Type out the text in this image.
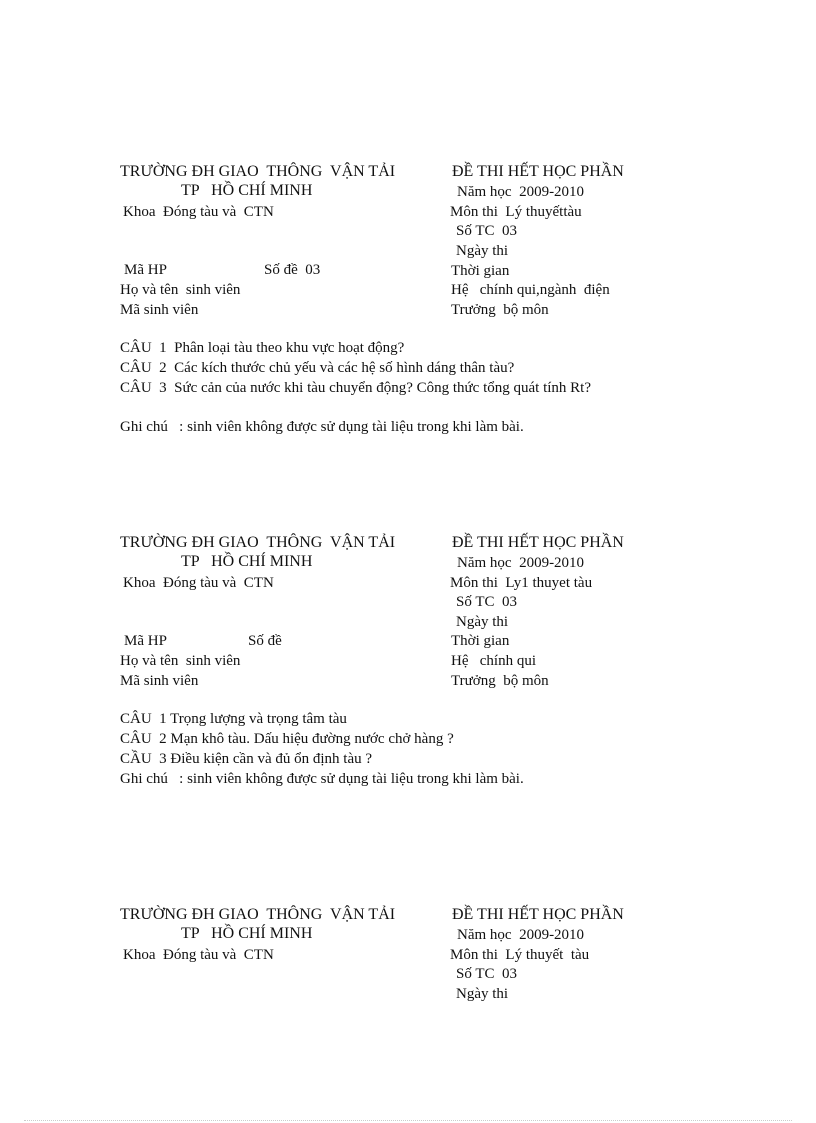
TRƯỜNG ĐH GIAO  THÔNG  VẬN TẢI
TP   HỒ CHÍ MINH
Khoa  Đóng tàu và  CTN
Mã HP	Số đề  03
Họ và tên  sinh viên
Mã sinh viên
ĐỀ THI HẾT HỌC PHẦN
Năm học  2009-2010
Môn thi  Lý thuyếttàu
Số TC  03
Ngày thi
Thời gian
Hệ   chính qui,ngành  điện
Trưởng  bộ môn
CÂU  1  Phân loại tàu theo khu vực hoạt động?
CÂU  2  Các kích thước chủ yếu và các hệ số hình dáng thân tàu?
CÂU  3  Sức cản của nước khi tàu chuyển động? Công thức tổng quát tính Rt?
Ghi chú   : sinh viên không được sử dụng tài liệu trong khi làm bài.
TRƯỜNG ĐH GIAO  THÔNG  VẬN TẢI
TP   HỒ CHÍ MINH
Khoa  Đóng tàu và  CTN
Mã HP	Số đề
Họ và tên  sinh viên
Mã sinh viên
ĐỀ THI HẾT HỌC PHẦN
Năm học  2009-2010
Môn thi  Ly1 thuyet tàu
Số TC  03
Ngày thi
Thời gian
Hệ   chính qui
Trưởng  bộ môn
CÂU  1 Trọng lượng và trọng tâm tàu
CÂU  2 Mạn khô tàu. Dấu hiệu đường nước chở hàng ?
CẦU  3 Điều kiện cần và đủ ổn định tàu ?
Ghi chú   : sinh viên không được sử dụng tài liệu trong khi làm bài.
TRƯỜNG ĐH GIAO  THÔNG  VẬN TẢI
TP   HỒ CHÍ MINH
Khoa  Đóng tàu và  CTN
ĐỀ THI HẾT HỌC PHẦN
Năm học  2009-2010
Môn thi  Lý thuyết  tàu
Số TC  03
Ngày thi
